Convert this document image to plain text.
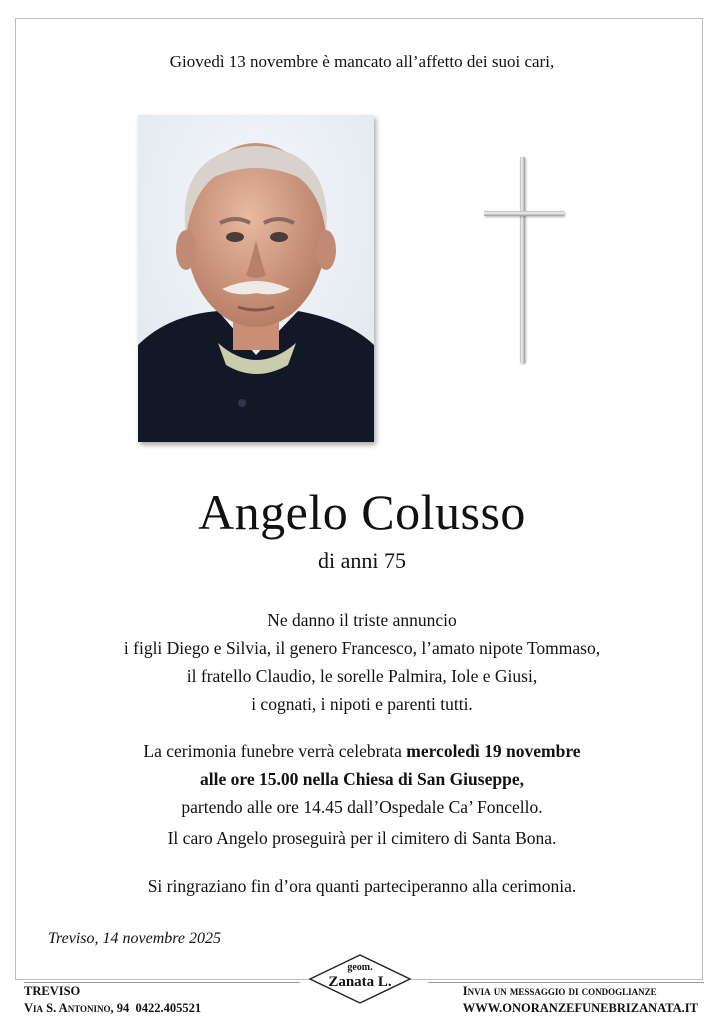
Giovedì 13 novembre è mancato all’affetto dei suoi cari,
Angelo Colusso
di anni 75
Ne danno il triste annuncio
i figli Diego e Silvia, il genero Francesco, l’amato nipote Tommaso,
il fratello Claudio, le sorelle Palmira, Iole e Giusi,
i cognati, i nipoti e parenti tutti.
La cerimonia funebre verrà celebrata mercoledì 19 novembre
alle ore 15.00 nella Chiesa di San Giuseppe,
partendo alle ore 14.45 dall’Ospedale Ca’ Foncello.
Il caro Angelo proseguirà per il cimitero di Santa Bona.
Si ringraziano fin d’ora quanti parteciperanno alla cerimonia.
Treviso, 14 novembre 2025
TREVISO
Via S. Antonino, 94 0422.405521
geom.
Zanata L.
Invia un messaggio di condoglianze
WWW.ONORANZEFUNEBRIZANATA.IT
